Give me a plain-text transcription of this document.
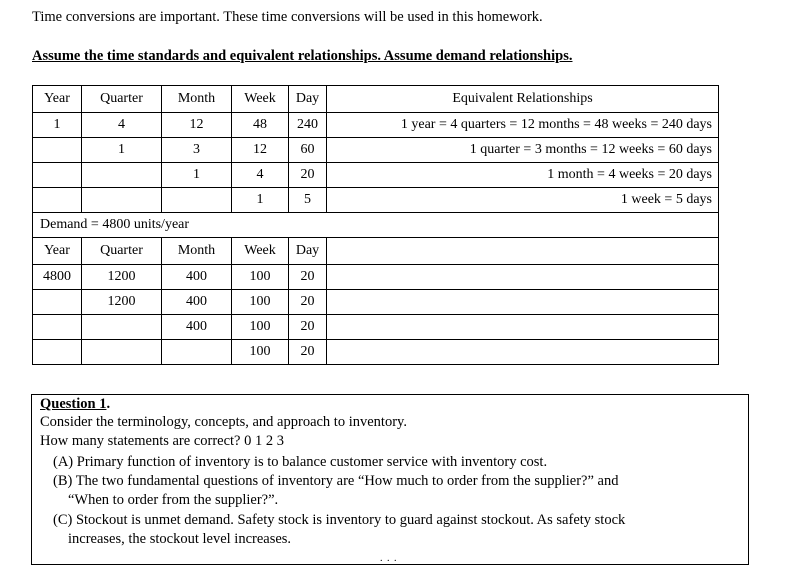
Time conversions are important. These time conversions will be used in this homework.
Assume the time standards and equivalent relationships. Assume demand relationships.
Year	Quarter	Month	Week	Day	Equivalent Relationships
1	4	12	48	240	1 year = 4 quarters = 12 months = 48 weeks = 240 days
	1	3	12	60	1 quarter = 3 months = 12 weeks = 60 days
		1	4	20	1 month = 4 weeks = 20 days
			1	5	1 week = 5 days
Demand = 4800 units/year					
Year	Quarter	Month	Week	Day	
4800	1200	400	100	20	
	1200	400	100	20	
		400	100	20	
			100	20	
Question 1.
Consider the terminology, concepts, and approach to inventory.
How many statements are correct? 0 1 2 3
(A) Primary function of inventory is to balance customer service with inventory cost.
(B) The two fundamental questions of inventory are “How much to order from the supplier?” and
“When to order from the supplier?”.
(C) Stockout is unmet demand. Safety stock is inventory to guard against stockout. As safety stock
increases, the stockout level increases.
. . .
